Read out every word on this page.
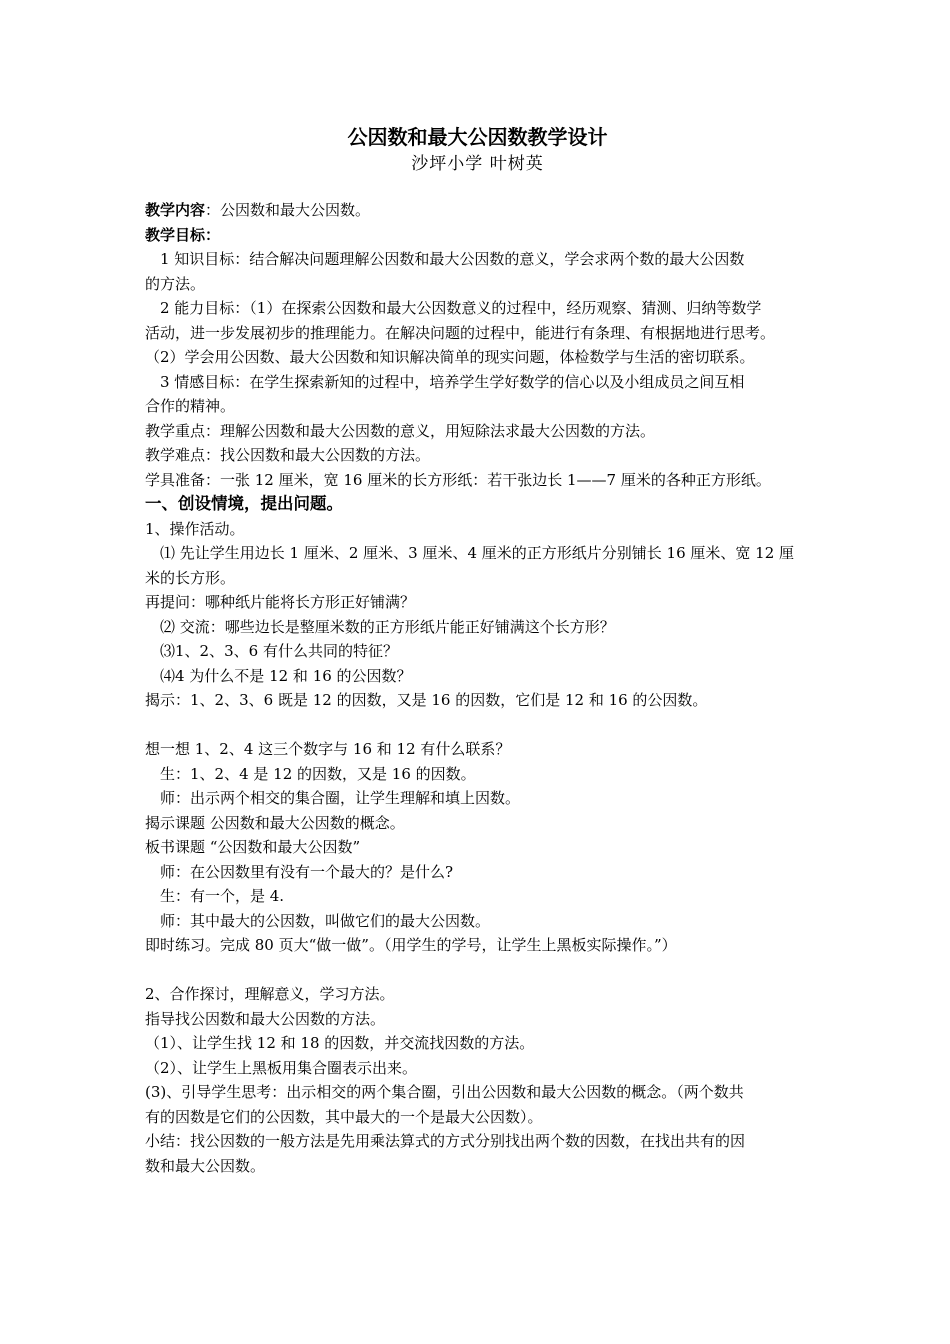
公因数和最大公因数教学设计
沙坪小学 叶树英
教学内容：公因数和最大公因数。
教学目标：
1 知识目标：结合解决问题理解公因数和最大公因数的意义，学会求两个数的最大公因数
的方法。
2 能力目标：（1）在探索公因数和最大公因数意义的过程中，经历观察、猜测、归纳等数学
活动，进一步发展初步的推理能力。在解决问题的过程中，能进行有条理、有根据地进行思考。
（2）学会用公因数、最大公因数和知识解决简单的现实问题，体检数学与生活的密切联系。
3 情感目标：在学生探索新知的过程中，培养学生学好数学的信心以及小组成员之间互相
合作的精神。
教学重点：理解公因数和最大公因数的意义，用短除法求最大公因数的方法。
教学难点：找公因数和最大公因数的方法。
学具准备：一张 12 厘米，宽 16 厘米的长方形纸：若干张边长 1——7 厘米的各种正方形纸。
一、创设情境，提出问题。
1、操作活动。
⑴ 先让学生用边长 1 厘米、2 厘米、3 厘米、4 厘米的正方形纸片分别铺长 16 厘米、宽 12 厘
米的长方形。
再提问：哪种纸片能将长方形正好铺满？
⑵ 交流：哪些边长是整厘米数的正方形纸片能正好铺满这个长方形？
⑶1、2、3、6 有什么共同的特征？
⑷4 为什么不是 12 和 16 的公因数？
揭示：1、2、3、6 既是 12 的因数，又是 16 的因数，它们是 12 和 16 的公因数。
想一想 1、2、4 这三个数字与 16 和 12 有什么联系？
生：1、2、4 是 12 的因数，又是 16 的因数。
师：出示两个相交的集合圈，让学生理解和填上因数。
揭示课题 公因数和最大公因数的概念。
板书课题 “公因数和最大公因数”
师：在公因数里有没有一个最大的？是什么?
生：有一个，是 4.
师：其中最大的公因数，叫做它们的最大公因数。
即时练习。完成 80 页大“做一做”。（用学生的学号，让学生上黑板实际操作。”）
2、合作探讨，理解意义，学习方法。
指导找公因数和最大公因数的方法。
（1）、让学生找 12 和 18 的因数，并交流找因数的方法。
（2）、让学生上黑板用集合圈表示出来。
(3)、引导学生思考：出示相交的两个集合圈，引出公因数和最大公因数的概念。（两个数共
有的因数是它们的公因数，其中最大的一个是最大公因数）。
小结：找公因数的一般方法是先用乘法算式的方式分别找出两个数的因数，在找出共有的因
数和最大公因数。
